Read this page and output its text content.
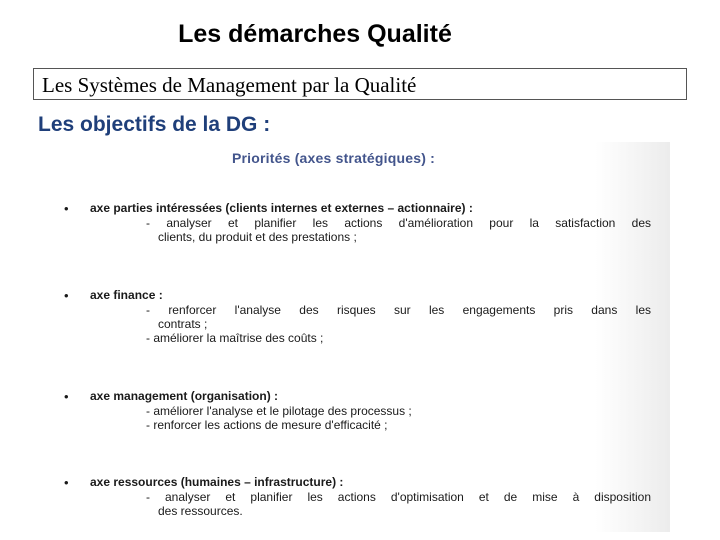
Les démarches Qualité
Les Systèmes de Management par la Qualité
Les objectifs de la DG :
Priorités (axes stratégiques) :
• axe parties intéressées (clients internes et externes – actionnaire) :
- analyser et planifier les actions d'amélioration pour la satisfaction des
clients, du produit et des prestations ;
• axe finance :
- renforcer l'analyse des risques sur les engagements pris dans les
contrats ;
- améliorer la maîtrise des coûts ;
• axe management (organisation) :
- améliorer l'analyse et le pilotage des processus ;
- renforcer les actions de mesure d'efficacité ;
• axe ressources (humaines – infrastructure) :
- analyser et planifier les actions d'optimisation et de mise à disposition
des ressources.
